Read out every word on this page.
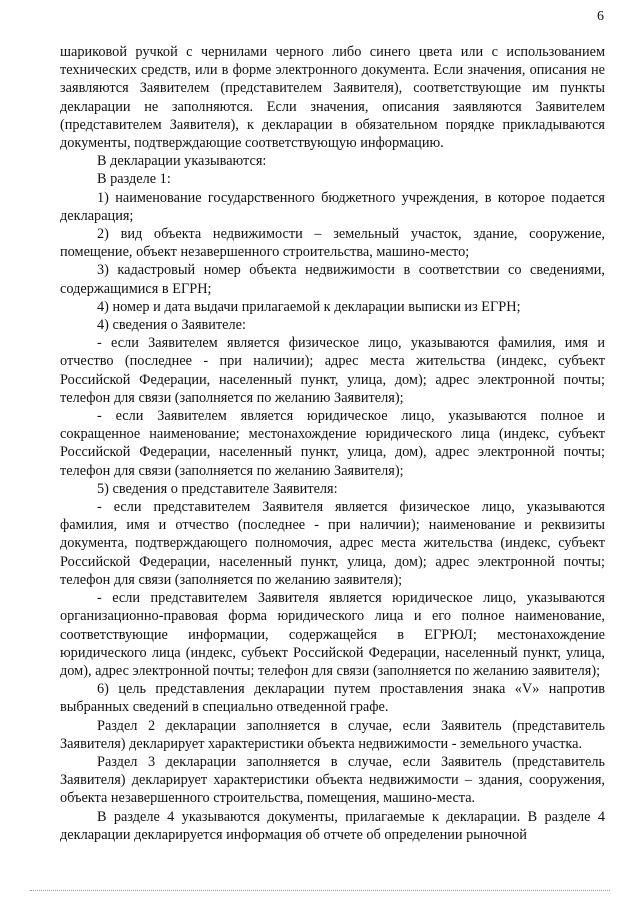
6

шариковой ручкой с чернилами черного либо синего цвета или с использованием технических средств, или в форме электронного документа. Если значения, описания не заявляются Заявителем (представителем Заявителя), соответствующие им пункты декларации не заполняются. Если значения, описания заявляются Заявителем (представителем Заявителя), к декларации в обязательном порядке прикладываются документы, подтверждающие соответствующую информацию.

В декларации указываются:

В разделе 1:

1) наименование государственного бюджетного учреждения, в которое подается декларация;

2) вид объекта недвижимости – земельный участок, здание, сооружение, помещение, объект незавершенного строительства, машино-место;

3) кадастровый номер объекта недвижимости в соответствии со сведениями, содержащимися в ЕГРН;

4) номер и дата выдачи прилагаемой к декларации выписки из ЕГРН;

4) сведения о Заявителе:

- если Заявителем является физическое лицо, указываются фамилия, имя и отчество (последнее - при наличии); адрес места жительства (индекс, субъект Российской Федерации, населенный пункт, улица, дом); адрес электронной почты; телефон для связи (заполняется по желанию Заявителя);

- если Заявителем является юридическое лицо, указываются полное и сокращенное наименование; местонахождение юридического лица (индекс, субъект Российской Федерации, населенный пункт, улица, дом), адрес электронной почты; телефон для связи (заполняется по желанию Заявителя);

5) сведения о представителе Заявителя:

- если представителем Заявителя является физическое лицо, указываются фамилия, имя и отчество (последнее - при наличии); наименование и реквизиты документа, подтверждающего полномочия, адрес места жительства (индекс, субъект Российской Федерации, населенный пункт, улица, дом); адрес электронной почты; телефон для связи (заполняется по желанию заявителя);

- если представителем Заявителя является юридическое лицо, указываются организационно-правовая форма юридического лица и его полное наименование, соответствующие информации, содержащейся в ЕГРЮЛ; местонахождение юридического лица (индекс, субъект Российской Федерации, населенный пункт, улица, дом), адрес электронной почты; телефон для связи (заполняется по желанию заявителя);

6) цель представления декларации путем проставления знака «V» напротив выбранных сведений в специально отведенной графе.

Раздел 2 декларации заполняется в случае, если Заявитель (представитель Заявителя) декларирует характеристики объекта недвижимости - земельного участка.

Раздел 3 декларации заполняется в случае, если Заявитель (представитель Заявителя) декларирует характеристики объекта недвижимости – здания, сооружения, объекта незавершенного строительства, помещения, машино-места.

В разделе 4 указываются документы, прилагаемые к декларации. В разделе 4 декларации декларируется информация об отчете об определении рыночной
